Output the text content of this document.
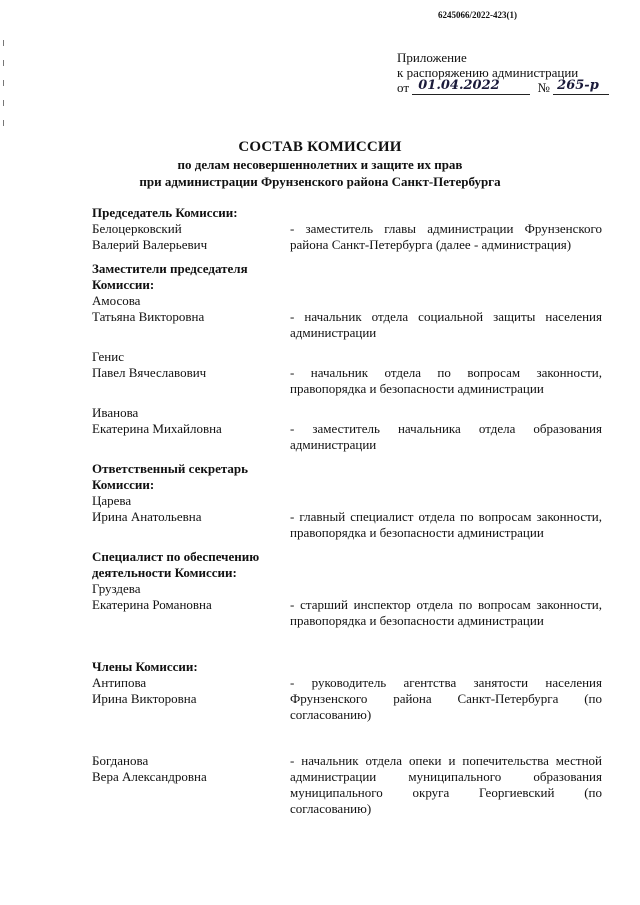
6245066/2022-423(1)
Приложение
к распоряжению администрации
от 01.04.2022	№ 265-р
СОСТАВ КОМИССИИ
по делам несовершеннолетних и защите их прав
при администрации Фрунзенского района Санкт-Петербурга
Председатель Комиссии:
Белоцерковский
Валерий Валерьевич
- заместитель главы администрации Фрунзенского района Санкт-Петербурга (далее - администрация)
Заместители председателя
Комиссии:
Амосова
Татьяна Викторовна	- начальник отдела социальной защиты населения администрации
Генис
Павел Вячеславович	- начальник отдела по вопросам законности, правопорядка и безопасности администрации
Иванова
Екатерина Михайловна	- заместитель начальника отдела образования администрации
Ответственный секретарь
Комиссии:
Царева
Ирина Анатольевна	- главный специалист отдела по вопросам законности, правопорядка и безопасности администрации
Специалист по обеспечению
деятельности Комиссии:
Груздева
Екатерина Романовна	- старший инспектор отдела по вопросам законности, правопорядка и безопасности администрации
Члены Комиссии:
Антипова
Ирина Викторовна
- руководитель агентства занятости населения Фрунзенского района Санкт-Петербурга (по согласованию)
Богданова
Вера Александровна
- начальник отдела опеки и попечительства местной администрации муниципального образования муниципального округа Георгиевский (по согласованию)
